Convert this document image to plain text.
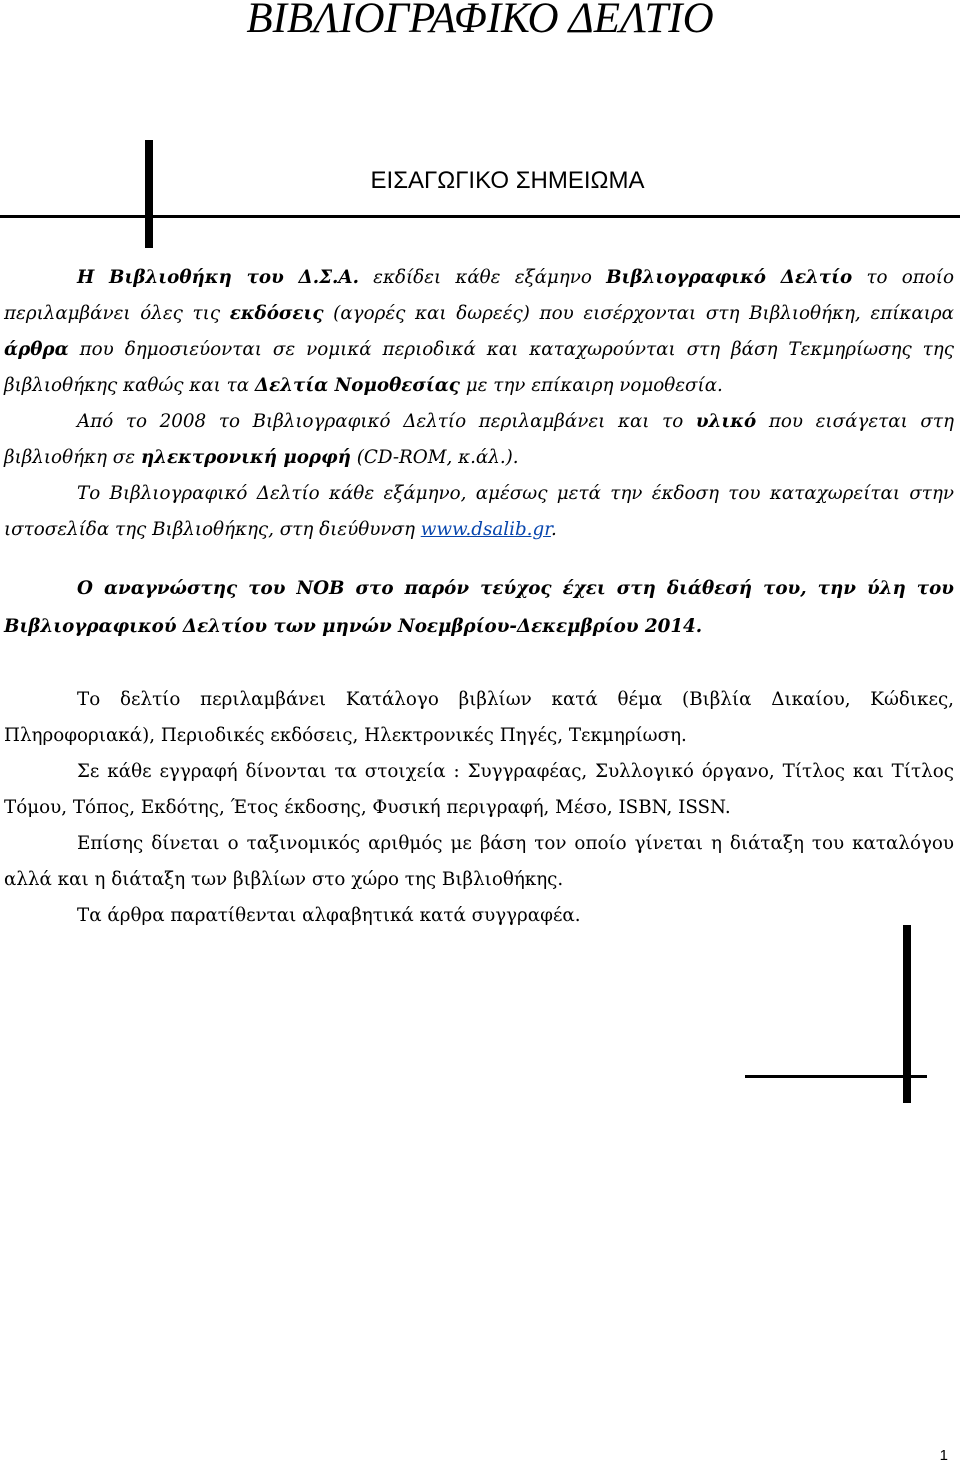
ΒΙΒΛΙΟΓΡΑΦΙΚΟ ΔΕΛΤΙΟ
ΕΙΣΑΓΩΓΙΚΟ ΣΗΜΕΙΩΜΑ

Η Βιβλιοθήκη του Δ.Σ.Α. εκδίδει κάθε εξάμηνο Βιβλιογραφικό Δελτίο το οποίο περιλαμβάνει όλες τις εκδόσεις (αγορές και δωρεές) που εισέρχονται στη Βιβλιοθήκη, επίκαιρα άρθρα που δημοσιεύονται σε νομικά περιοδικά και καταχωρούνται στη βάση Τεκμηρίωσης της βιβλιοθήκης καθώς και τα Δελτία Νομοθεσίας με την επίκαιρη νομοθεσία.

Από το 2008 το Βιβλιογραφικό Δελτίο περιλαμβάνει και το υλικό που εισάγεται στη βιβλιοθήκη σε ηλεκτρονική μορφή (CD-ROM, κ.άλ.).

Το Βιβλιογραφικό Δελτίο κάθε εξάμηνο, αμέσως μετά την έκδοση του καταχωρείται στην ιστοσελίδα της Βιβλιοθήκης, στη διεύθυνση www.dsalib.gr.

Ο αναγνώστης του ΝΟΒ στο παρόν τεύχος έχει στη διάθεσή του, την ύλη του Βιβλιογραφικού Δελτίου των μηνών Νοεμβρίου-Δεκεμβρίου 2014.

Το δελτίο περιλαμβάνει Κατάλογο βιβλίων κατά θέμα (Βιβλία Δικαίου, Κώδικες, Πληροφοριακά), Περιοδικές εκδόσεις, Ηλεκτρονικές Πηγές, Τεκμηρίωση.

Σε κάθε εγγραφή δίνονται τα στοιχεία : Συγγραφέας, Συλλογικό όργανο, Τίτλος και Τίτλος Τόμου, Τόπος, Εκδότης, Έτος έκδοσης, Φυσική περιγραφή, Μέσο, ISBN, ISSN.

Επίσης δίνεται ο ταξινομικός αριθμός με βάση τον οποίο γίνεται η διάταξη του καταλόγου αλλά και η διάταξη των βιβλίων στο χώρο της Βιβλιοθήκης.

Τα άρθρα παρατίθενται αλφαβητικά κατά συγγραφέα.

1
